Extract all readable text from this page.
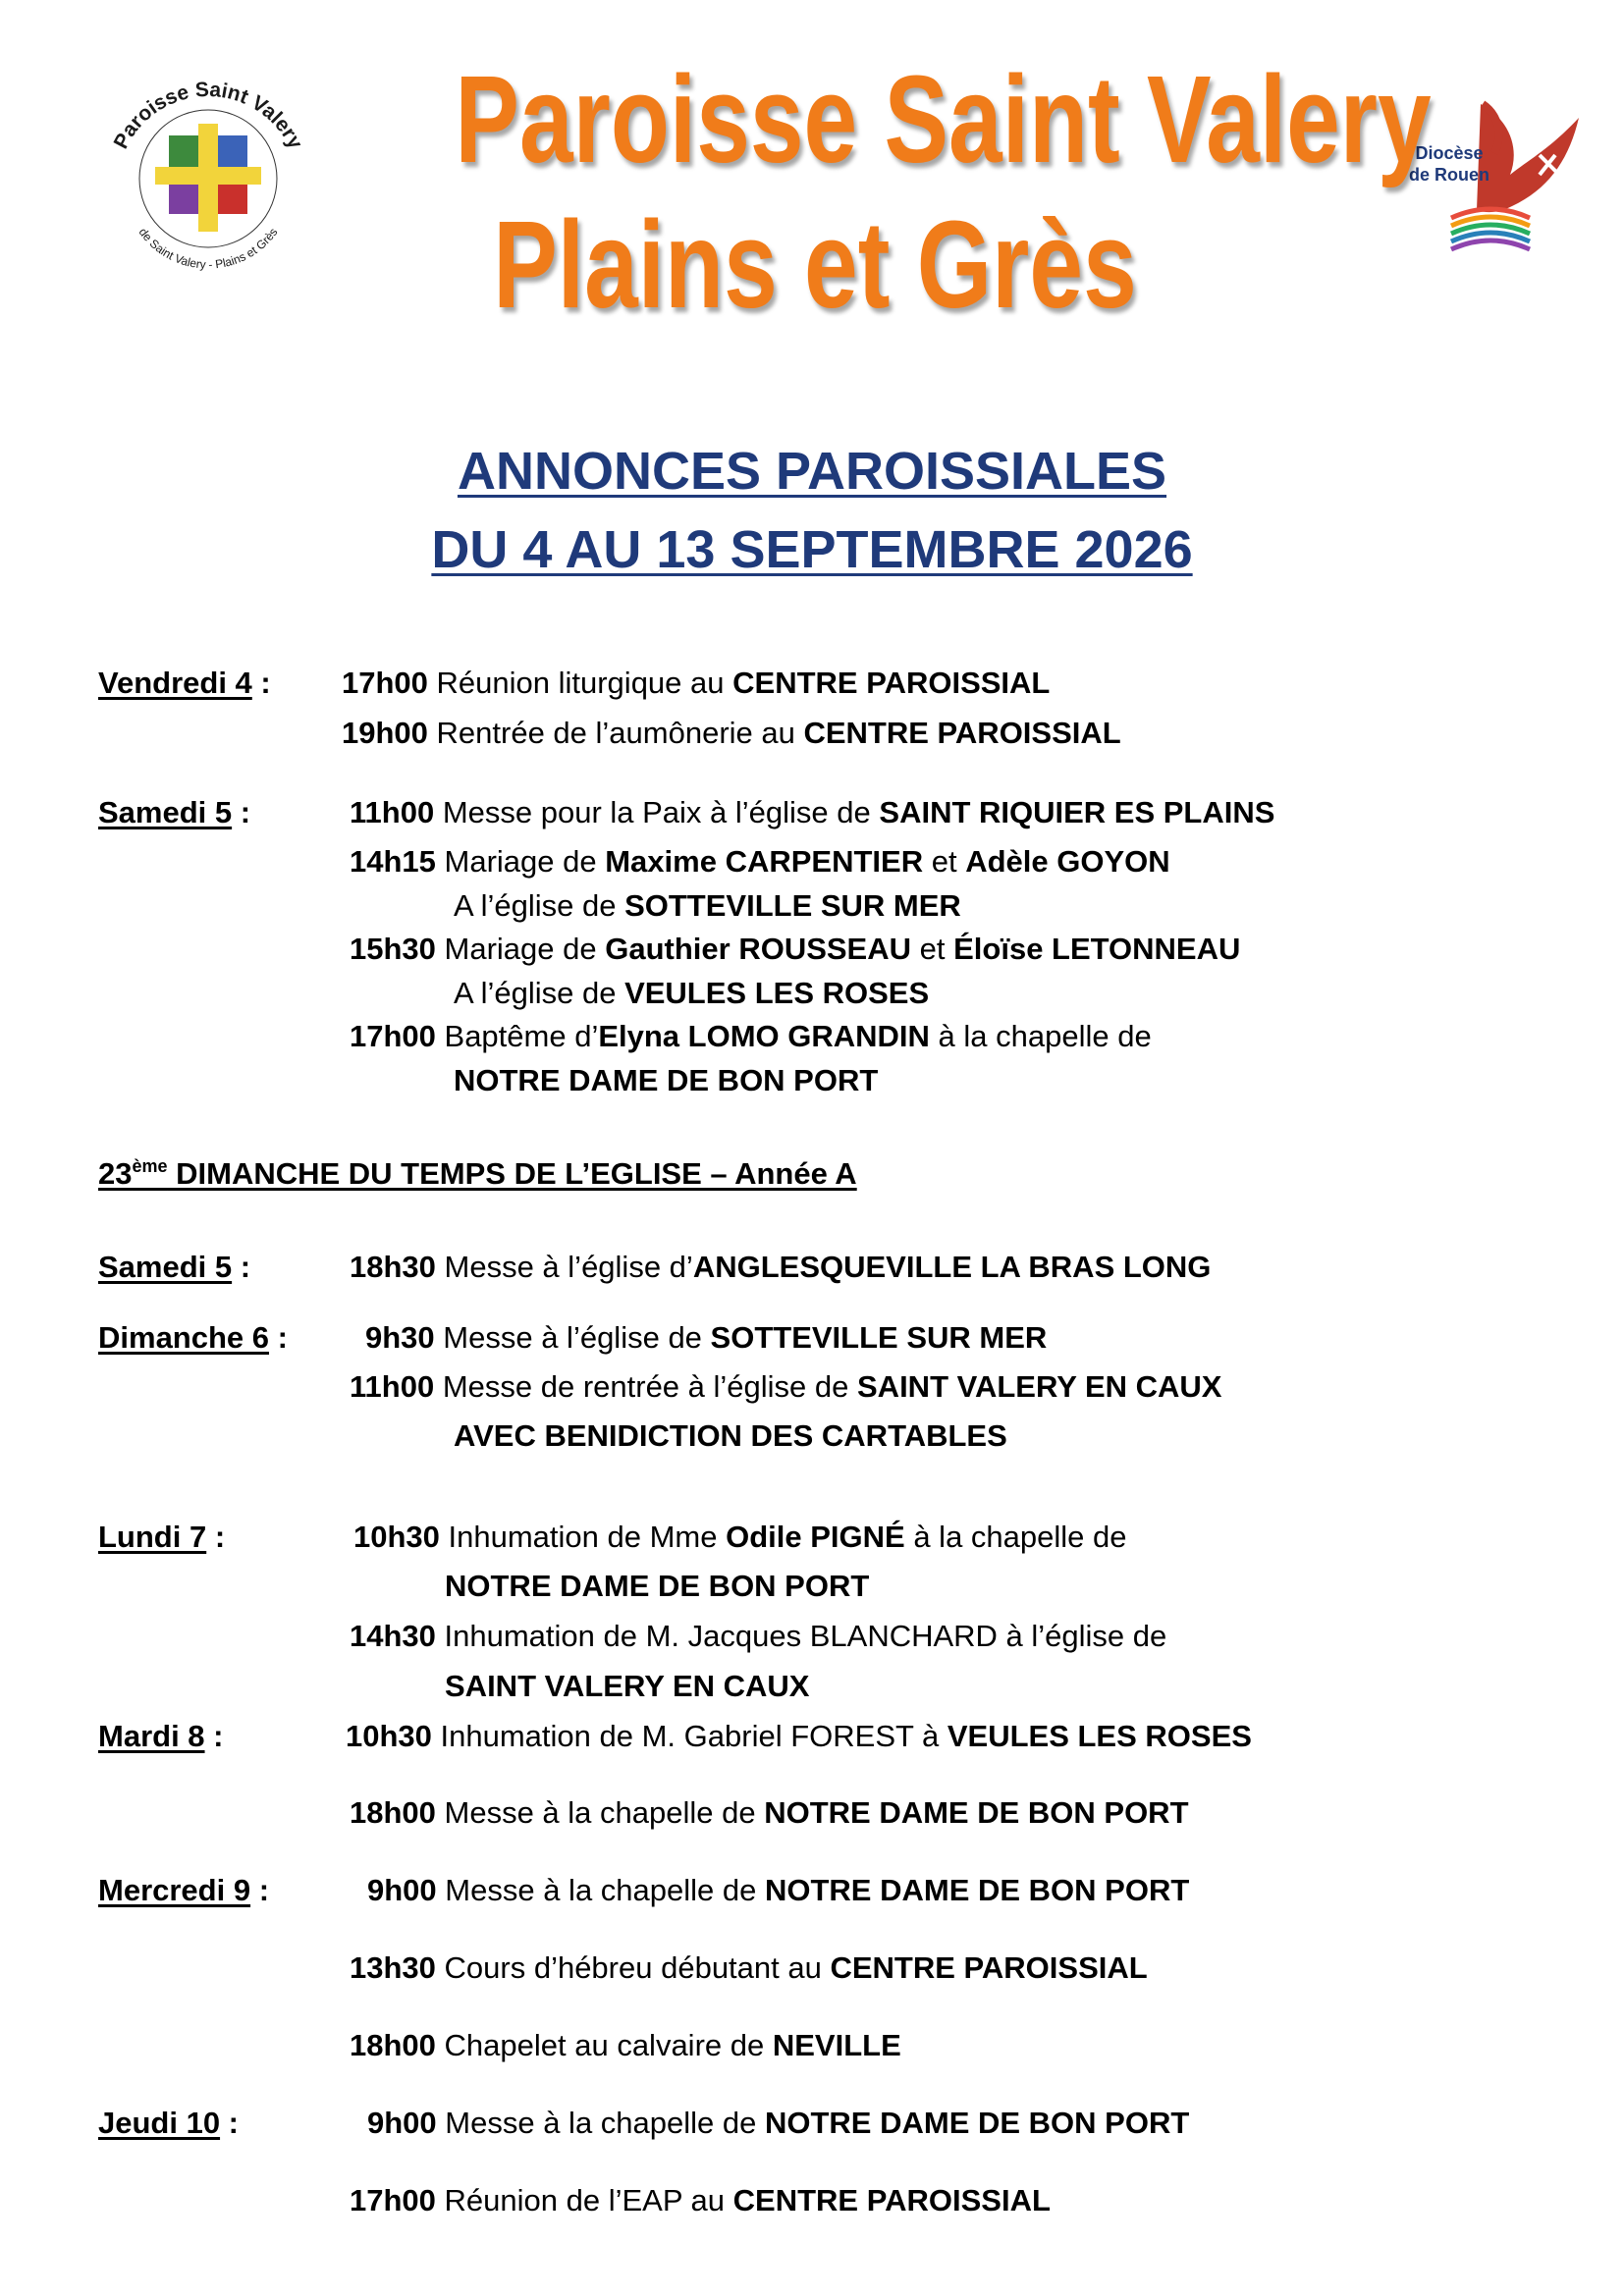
Paroisse Saint Valery
de Saint Valery - Plains et Grès
Diocèse
de Rouen
Paroisse Saint Valery
Plains et Grès
ANNONCES PAROISSIALES
DU 4 AU 13 SEPTEMBRE 2026
Vendredi 4 : 17h00 Réunion liturgique au CENTRE PAROISSIAL
19h00 Rentrée de l’aumônerie au CENTRE PAROISSIAL
Samedi 5 :	11h00 Messe pour la Paix à l’église de SAINT RIQUIER ES PLAINS
14h15 Mariage de Maxime CARPENTIER et Adèle GOYON
A l’église de SOTTEVILLE SUR MER
15h30 Mariage de Gauthier ROUSSEAU et Éloïse LETONNEAU
A l’église de VEULES LES ROSES
17h00 Baptême d’Elyna LOMO GRANDIN à la chapelle de
NOTRE DAME DE BON PORT
23ème DIMANCHE DU TEMPS DE L’EGLISE – Année A
Samedi 5 :	18h30 Messe à l’église d’ANGLESQUEVILLE LA BRAS LONG
Dimanche 6 :	9h30 Messe à l’église de SOTTEVILLE SUR MER
11h00 Messe de rentrée à l’église de SAINT VALERY EN CAUX
AVEC BENIDICTION DES CARTABLES
Lundi 7 :	10h30 Inhumation de Mme Odile PIGNÉ à la chapelle de
NOTRE DAME DE BON PORT
14h30 Inhumation de M. Jacques BLANCHARD à l’église de
SAINT VALERY EN CAUX
Mardi 8 :	10h30 Inhumation de M. Gabriel FOREST à VEULES LES ROSES
18h00 Messe à la chapelle de NOTRE DAME DE BON PORT
Mercredi 9 :	9h00 Messe à la chapelle de NOTRE DAME DE BON PORT
13h30 Cours d’hébreu débutant au CENTRE PAROISSIAL
18h00 Chapelet au calvaire de NEVILLE
Jeudi 10 :	9h00 Messe à la chapelle de NOTRE DAME DE BON PORT
17h00 Réunion de l’EAP au CENTRE PAROISSIAL
